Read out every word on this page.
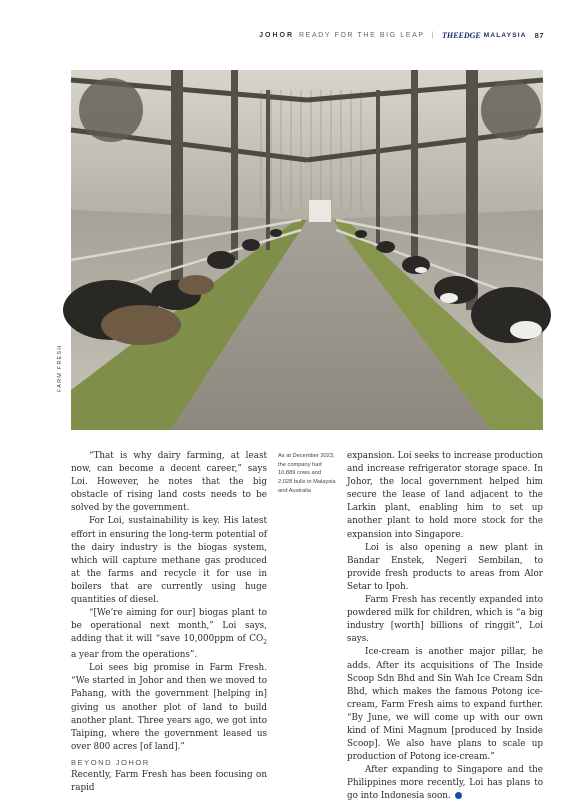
JOHOR READY FOR THE BIG LEAP | THEEDGE MALAYSIA 87
FARM FRESH

“That is why dairy farming, at least now, can become a decent career,” says Loi. However, he notes that the big obstacle of rising land costs needs to be solved by the government.

For Loi, sustainability is key. His latest effort in ensuring the long-term potential of the dairy industry is the biogas system, which will capture methane gas produced at the farms and recycle it for use in boilers that are currently using huge quantities of diesel.

“[We’re aiming for our] biogas plant to be operational next month,” Loi says, adding that it will “save 10,000ppm of $CO_2$ a year from the operations”.

Loi sees big promise in Farm Fresh. “We started in Johor and then we moved to Pahang, with the government [helping in] giving us another plot of land to build another plant. Three years ago, we got into Taiping, where the government leased us over 800 acres [of land].”

BEYOND JOHOR

Recently, Farm Fresh has been focusing on rapid

As at December 2023, the company had 10,889 cows and 2,028 bulls in Malaysia and Australia

expansion. Loi seeks to increase production and increase refrigerator storage space. In Johor, the local government helped him secure the lease of land adjacent to the Larkin plant, enabling him to set up another plant to hold more stock for the expansion into Singapore.

Loi is also opening a new plant in Bandar Enstek, Negeri Sembilan, to provide fresh products to areas from Alor Setar to Ipoh.

Farm Fresh has recently expanded into powdered milk for children, which is “a big industry [worth] billions of ringgit”, Loi says.

Ice-cream is another major pillar, he adds. After its acquisitions of The Inside Scoop Sdn Bhd and Sin Wah Ice Cream Sdn Bhd, which makes the famous Potong ice-cream, Farm Fresh aims to expand further. “By June, we will come up with our own kind of Mini Magnum [produced by Inside Scoop]. We also have plans to scale up production of Potong ice-cream.”

After expanding to Singapore and the Philippines more recently, Loi has plans to go into Indonesia soon.
